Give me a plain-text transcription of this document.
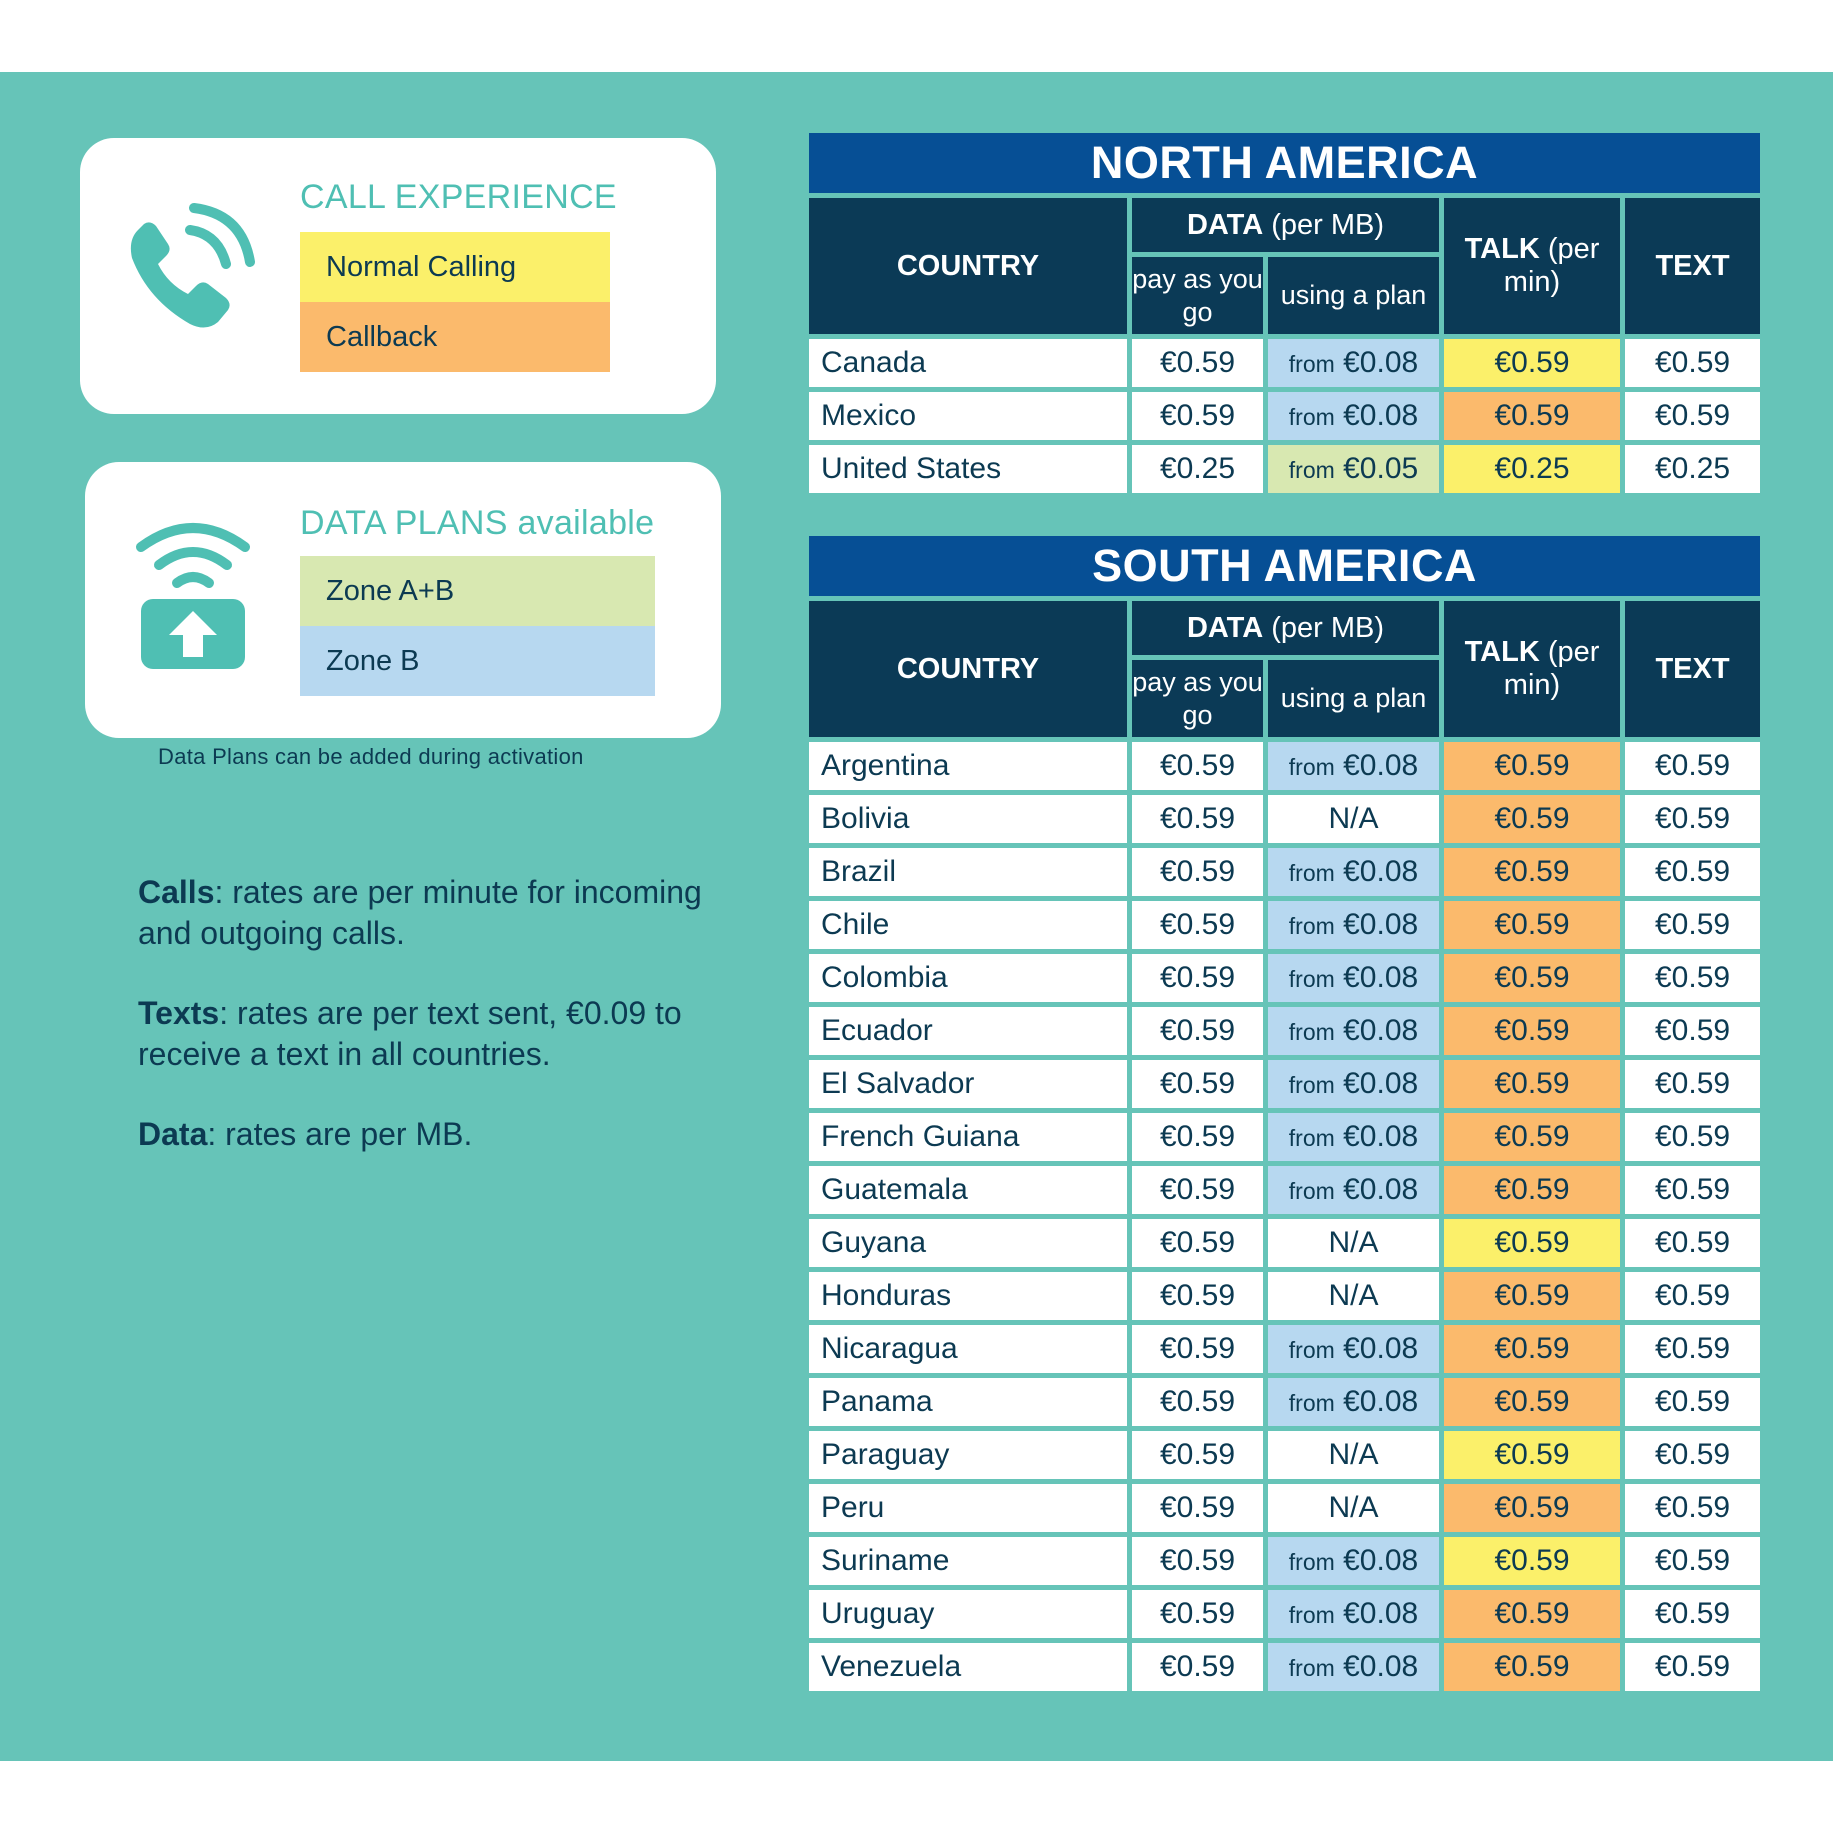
CALL EXPERIENCE
Normal Calling
Callback
DATA PLANS available
Zone A+B
Zone B
Data Plans can be added during activation
Calls: rates are per minute for incoming and outgoing calls.
Texts: rates are per text sent, €0.09 to receive a text in all countries.
Data: rates are per MB.
NORTH AMERICA				
COUNTRY	DATA (per MB)		TALK (per min)	TEXT
	pay as you go	using a plan		
Canada	€0.59	from €0.08	€0.59	€0.59
Mexico	€0.59	from €0.08	€0.59	€0.59
United States	€0.25	from €0.05	€0.25	€0.25
SOUTH AMERICA				
COUNTRY	DATA (per MB)		TALK (per min)	TEXT
	pay as you go	using a plan		
Argentina	€0.59	from €0.08	€0.59	€0.59
Bolivia	€0.59	N/A	€0.59	€0.59
Brazil	€0.59	from €0.08	€0.59	€0.59
Chile	€0.59	from €0.08	€0.59	€0.59
Colombia	€0.59	from €0.08	€0.59	€0.59
Ecuador	€0.59	from €0.08	€0.59	€0.59
El Salvador	€0.59	from €0.08	€0.59	€0.59
French Guiana	€0.59	from €0.08	€0.59	€0.59
Guatemala	€0.59	from €0.08	€0.59	€0.59
Guyana	€0.59	N/A	€0.59	€0.59
Honduras	€0.59	N/A	€0.59	€0.59
Nicaragua	€0.59	from €0.08	€0.59	€0.59
Panama	€0.59	from €0.08	€0.59	€0.59
Paraguay	€0.59	N/A	€0.59	€0.59
Peru	€0.59	N/A	€0.59	€0.59
Suriname	€0.59	from €0.08	€0.59	€0.59
Uruguay	€0.59	from €0.08	€0.59	€0.59
Venezuela	€0.59	from €0.08	€0.59	€0.59
